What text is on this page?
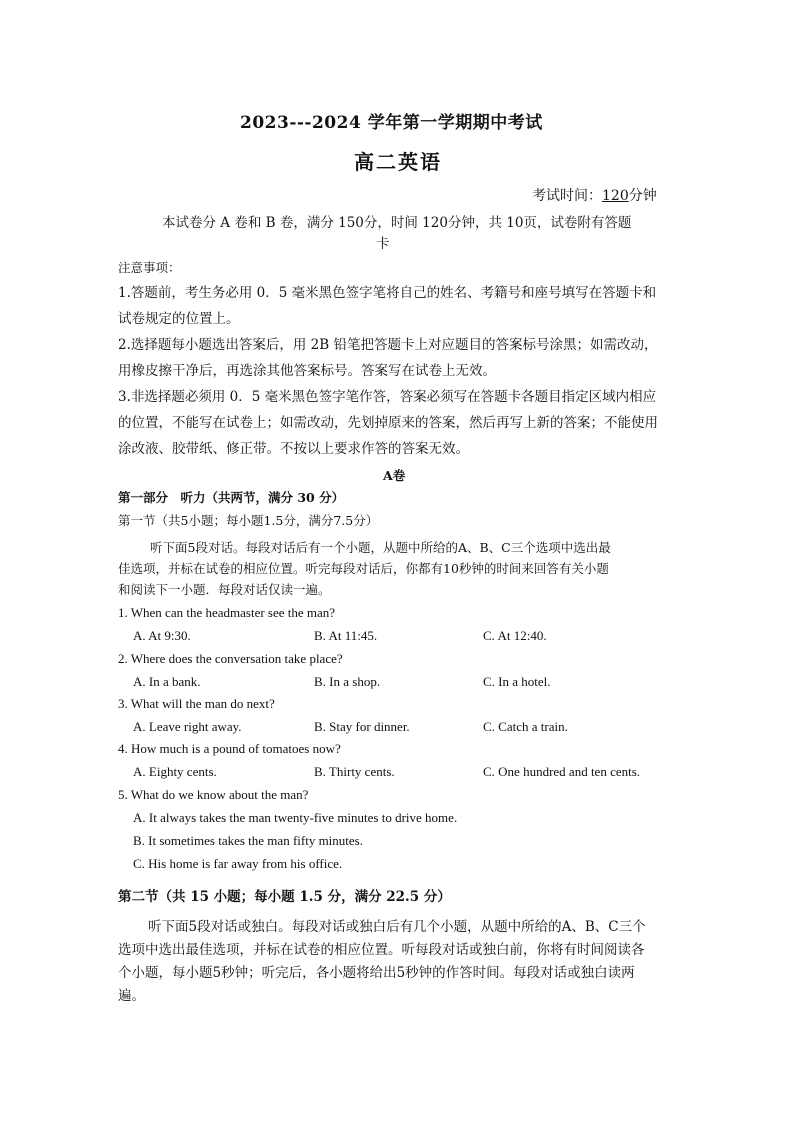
2023---2024 学年第一学期期中考试
高二英语
考试时间：120分钟
本试卷分 A 卷和 B 卷，满分 150分，时间 120分钟，共 10页，试卷附有答题
卡
注意事项：
1.答题前，考生务必用 0．5 毫米黑色签字笔将自己的姓名、考籍号和座号填写在答题卡和
试卷规定的位置上。
2.选择题每小题选出答案后，用 2B 铅笔把答题卡上对应题目的答案标号涂黑；如需改动，
用橡皮擦干净后，再选涂其他答案标号。答案写在试卷上无效。
3.非选择题必须用 0．5 毫米黑色签字笔作答，答案必须写在答题卡各题目指定区域内相应
的位置，不能写在试卷上；如需改动，先划掉原来的答案，然后再写上新的答案；不能使用
涂改液、胶带纸、修正带。不按以上要求作答的答案无效。
A卷
第一部分　听力（共两节，满分 30 分）
第一节（共5小题；每小题1.5分，满分7.5分）
听下面5段对话。每段对话后有一个小题，从题中所给的A、B、C三个选项中选出最
佳选项，并标在试卷的相应位置。听完每段对话后，你都有10秒钟的时间来回答有关小题
和阅读下一小题．每段对话仅读一遍。
1. When can the headmaster see the man?
A. At 9:30.	B. At 11:45.	C. At 12:40.
2. Where does the conversation take place?
A. In a bank.	B. In a shop.	C. In a hotel.
3. What will the man do next?
A. Leave right away.	B. Stay for dinner.	C. Catch a train.
4. How much is a pound of tomatoes now?
A. Eighty cents.	B. Thirty cents.	C. One hundred and ten cents.
5. What do we know about the man?
A. It always takes the man twenty-five minutes to drive home.
B. It sometimes takes the man fifty minutes.
C. His home is far away from his office.
第二节（共 15 小题；每小题 1.5 分，满分 22.5 分）
听下面5段对话或独白。每段对话或独白后有几个小题，从题中所给的A、B、C三个
选项中选出最佳选项，并标在试卷的相应位置。听每段对话或独白前，你将有时间阅读各
个小题，每小题5秒钟；听完后，各小题将给出5秒钟的作答时间。每段对话或独白读两
遍。
